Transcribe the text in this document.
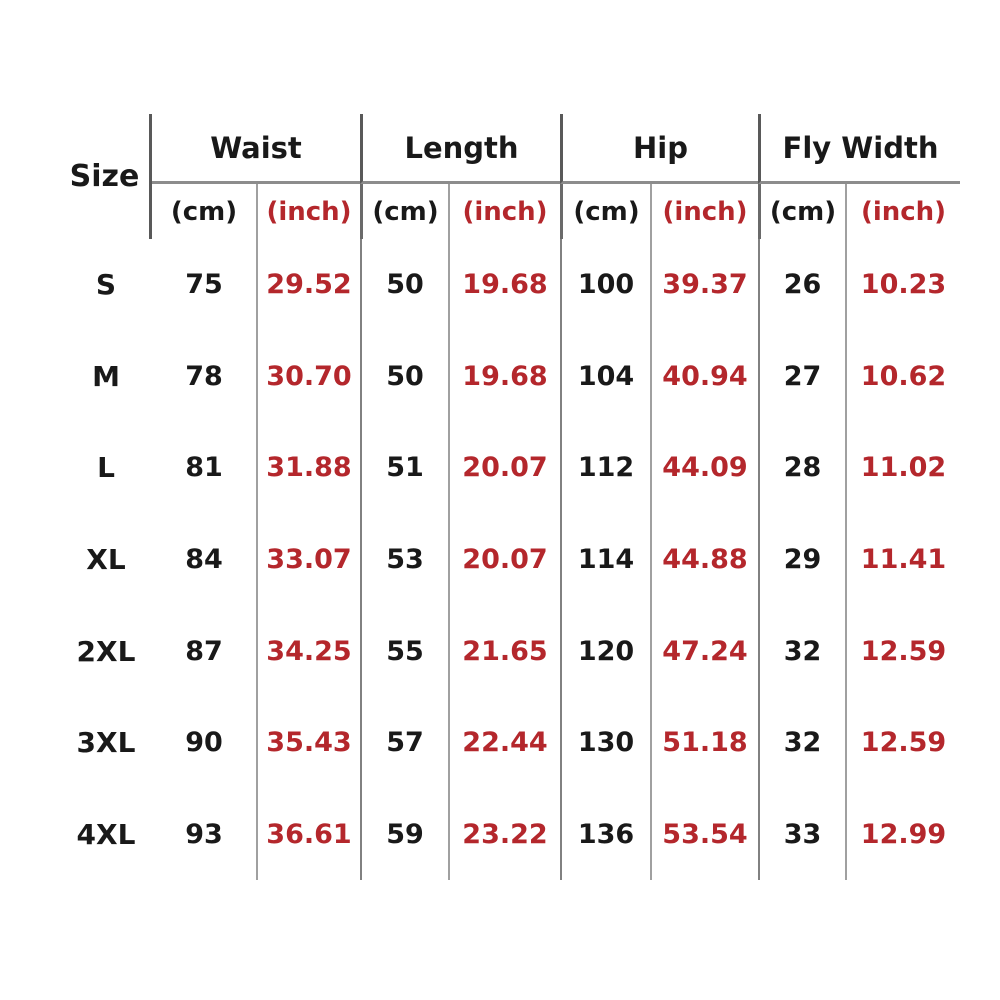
Size
Waist	Length	Hip	Fly Width
(cm)	(inch) (cm) (inch) (cm) (inch) (cm) (inch)
S	75	29.52	50	19.68	100	39.37	26	10.23
M	78	30.70	50	19.68	104	40.94	27	10.62
L	81	31.88	51	20.07	112	44.09	28	11.02
XL	84	33.07	53	20.07	114	44.88	29	11.41
2XL	87	34.25	55	21.65	120	47.24	32	12.59
3XL	90	35.43	57	22.44	130	51.18	32	12.59
4XL	93	36.61	59	23.22	136	53.54	33	12.99
